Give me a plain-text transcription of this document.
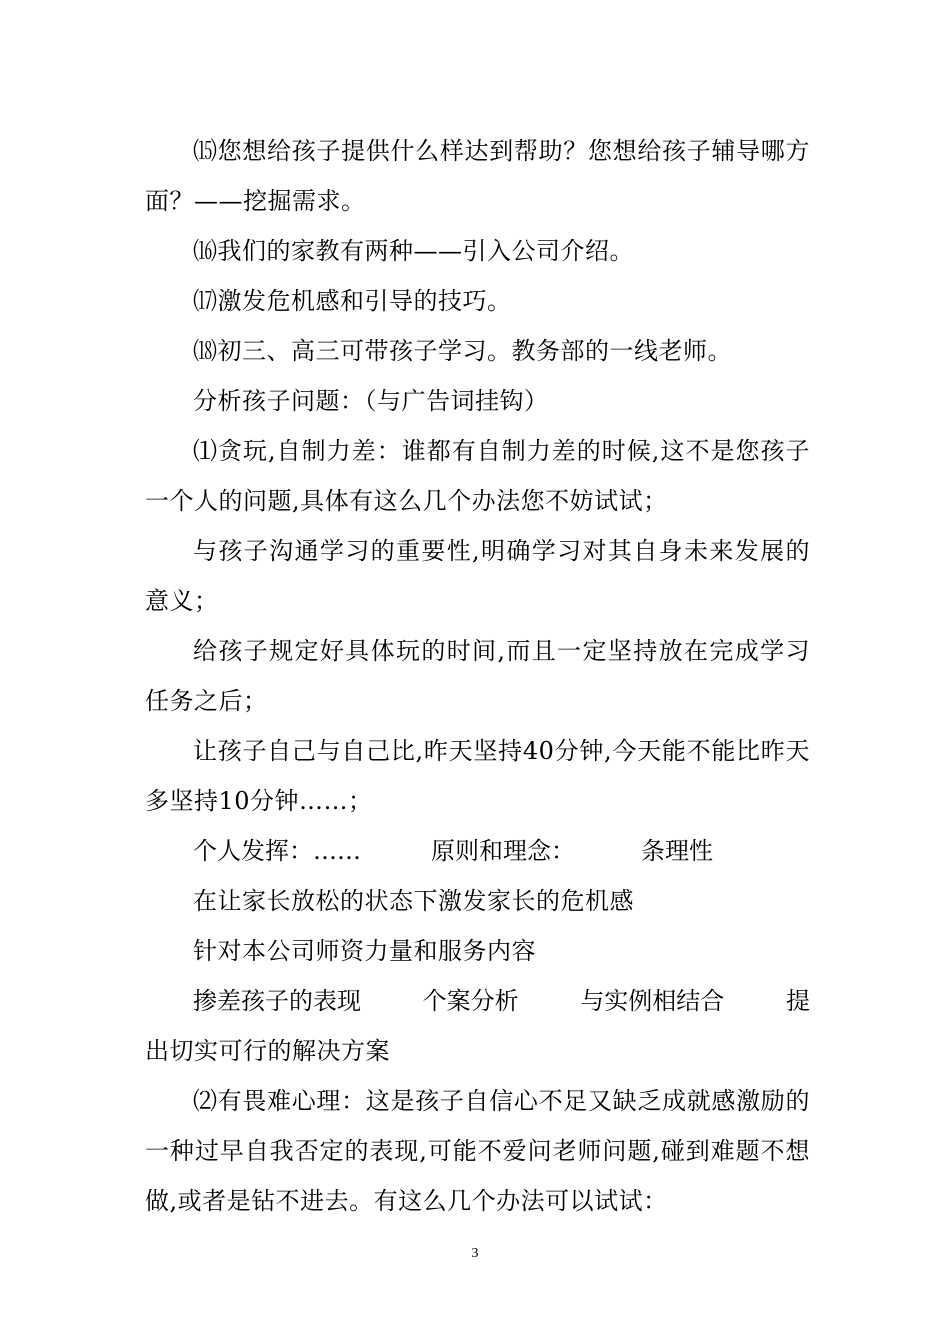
⒂您想给孩子提供什么样达到帮助？您想给孩子辅导哪方面？——挖掘需求。

⒃我们的家教有两种——引入公司介绍。

⒄激发危机感和引导的技巧。

⒅初三、高三可带孩子学习。教务部的一线老师。

分析孩子问题：（与广告词挂钩）

⑴贪玩,自制力差：谁都有自制力差的时候,这不是您孩子一个人的问题,具体有这么几个办法您不妨试试；

与孩子沟通学习的重要性,明确学习对其自身未来发展的意义；

给孩子规定好具体玩的时间,而且一定坚持放在完成学习任务之后；

让孩子自己与自己比,昨天坚持40分钟,今天能不能比昨天多坚持10分钟……；

个人发挥：……	原则和理念：	条理性

在让家长放松的状态下激发家长的危机感

针对本公司师资力量和服务内容

掺差孩子的表现	个案分析	与实例相结合	提

出切实可行的解决方案

⑵有畏难心理：这是孩子自信心不足又缺乏成就感激励的一种过早自我否定的表现,可能不爱问老师问题,碰到难题不想做,或者是钻不进去。有这么几个办法可以试试：

3
